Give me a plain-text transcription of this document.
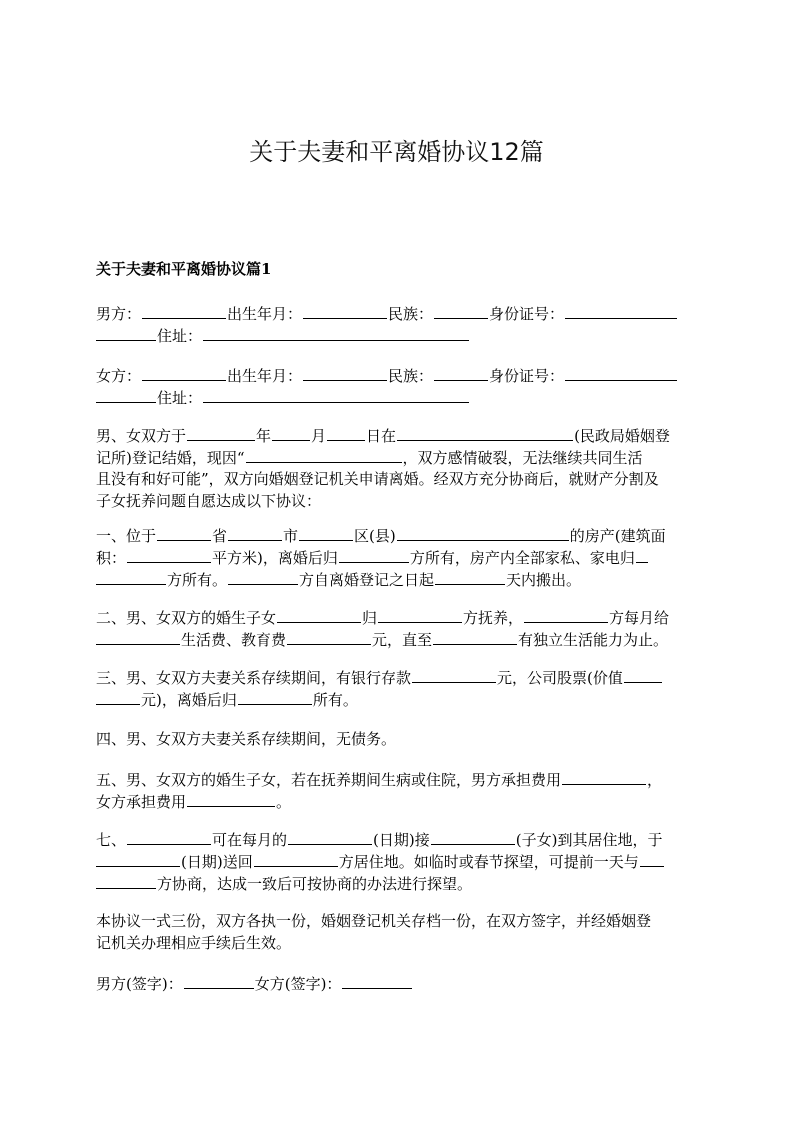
关于夫妻和平离婚协议12篇
关于夫妻和平离婚协议篇1

男方：	出生年月：	民族：	身份证号：
住址：

女方：	出生年月：	民族：	身份证号：
住址：

男、女双方于	年	月	日在	(民政局婚姻登
记所)登记结婚，现因“	，双方感情破裂，无法继续共同生活
且没有和好可能”，双方向婚姻登记机关申请离婚。经双方充分协商后，就财产分割及
子女抚养问题自愿达成以下协议：

一、位于	省	市	区(县)	的房产(建筑面
积：	平方米)，离婚后归	方所有，房产内全部家私、家电归
方所有。	方自离婚登记之日起	天内搬出。

二、男、女双方的婚生子女	归	方抚养，	方每月给
生活费、教育费	元，直至	有独立生活能力为止。

三、男、女双方夫妻关系存续期间，有银行存款	元，公司股票(价值
元)，离婚后归	所有。

四、男、女双方夫妻关系存续期间，无债务。

五、男、女双方的婚生子女，若在抚养期间生病或住院，男方承担费用	，
女方承担费用	。

七、	可在每月的	(日期)接	(子女)到其居住地，于
(日期)送回	方居住地。如临时或春节探望，可提前一天与
方协商，达成一致后可按协商的办法进行探望。

本协议一式三份，双方各执一份，婚姻登记机关存档一份，在双方签字，并经婚姻登
记机关办理相应手续后生效。

男方(签字)：	女方(签字)：
